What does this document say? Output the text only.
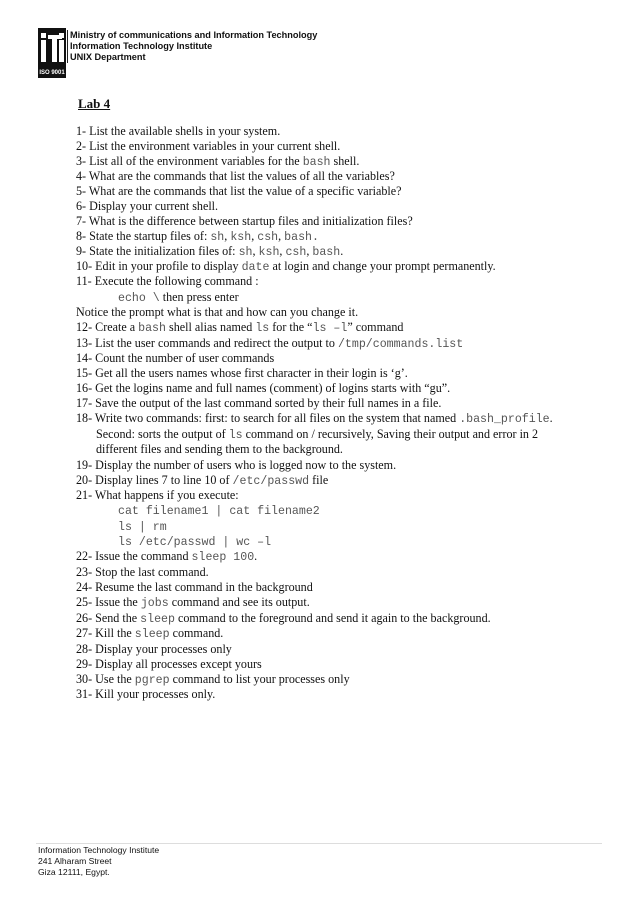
ISO 9001
Ministry of communications and Information Technology
Information Technology Institute
UNIX Department
Lab 4
1- List the available shells in your system.
2- List the environment variables in your current shell.
3- List all of the environment variables for the bash shell.
4- What are the commands that list the values of all the variables?
5- What are the commands that list the value of a specific variable?
6- Display your current shell.
7- What is the difference between startup files and initialization files?
8- State the startup files of: sh, ksh, csh, bash.
9- State the initialization files of: sh, ksh, csh, bash.
10- Edit in your profile to display date at login and change your prompt permanently.
11- Execute the following command :
echo \ then press enter
Notice the prompt what is that and how can you change it.
12- Create a bash shell alias named ls for the “ls –l” command
13- List the user commands and redirect the output to /tmp/commands.list
14- Count the number of user commands
15- Get all the users names whose first character in their login is ‘g’.
16- Get the logins name and full names (comment) of logins starts with “gu”.
17- Save the output of the last command sorted by their full names in a file.
18- Write two commands: first: to search for all files on the system that named .bash_profile.
Second: sorts the output of ls command on / recursively, Saving their output and error in 2
different files and sending them to the background.
19- Display the number of users who is logged now to the system.
20- Display lines 7 to line 10 of /etc/passwd file
21- What happens if you execute:
cat filename1 | cat filename2
ls | rm
ls /etc/passwd | wc –l
22- Issue the command sleep 100.
23- Stop the last command.
24- Resume the last command in the background
25- Issue the jobs command and see its output.
26- Send the sleep command to the foreground and send it again to the background.
27- Kill the sleep command.
28- Display your processes only
29- Display all processes except yours
30- Use the pgrep command to list your processes only
31- Kill your processes only.
Information Technology Institute
241 Alharam Street
Giza 12111, Egypt.
